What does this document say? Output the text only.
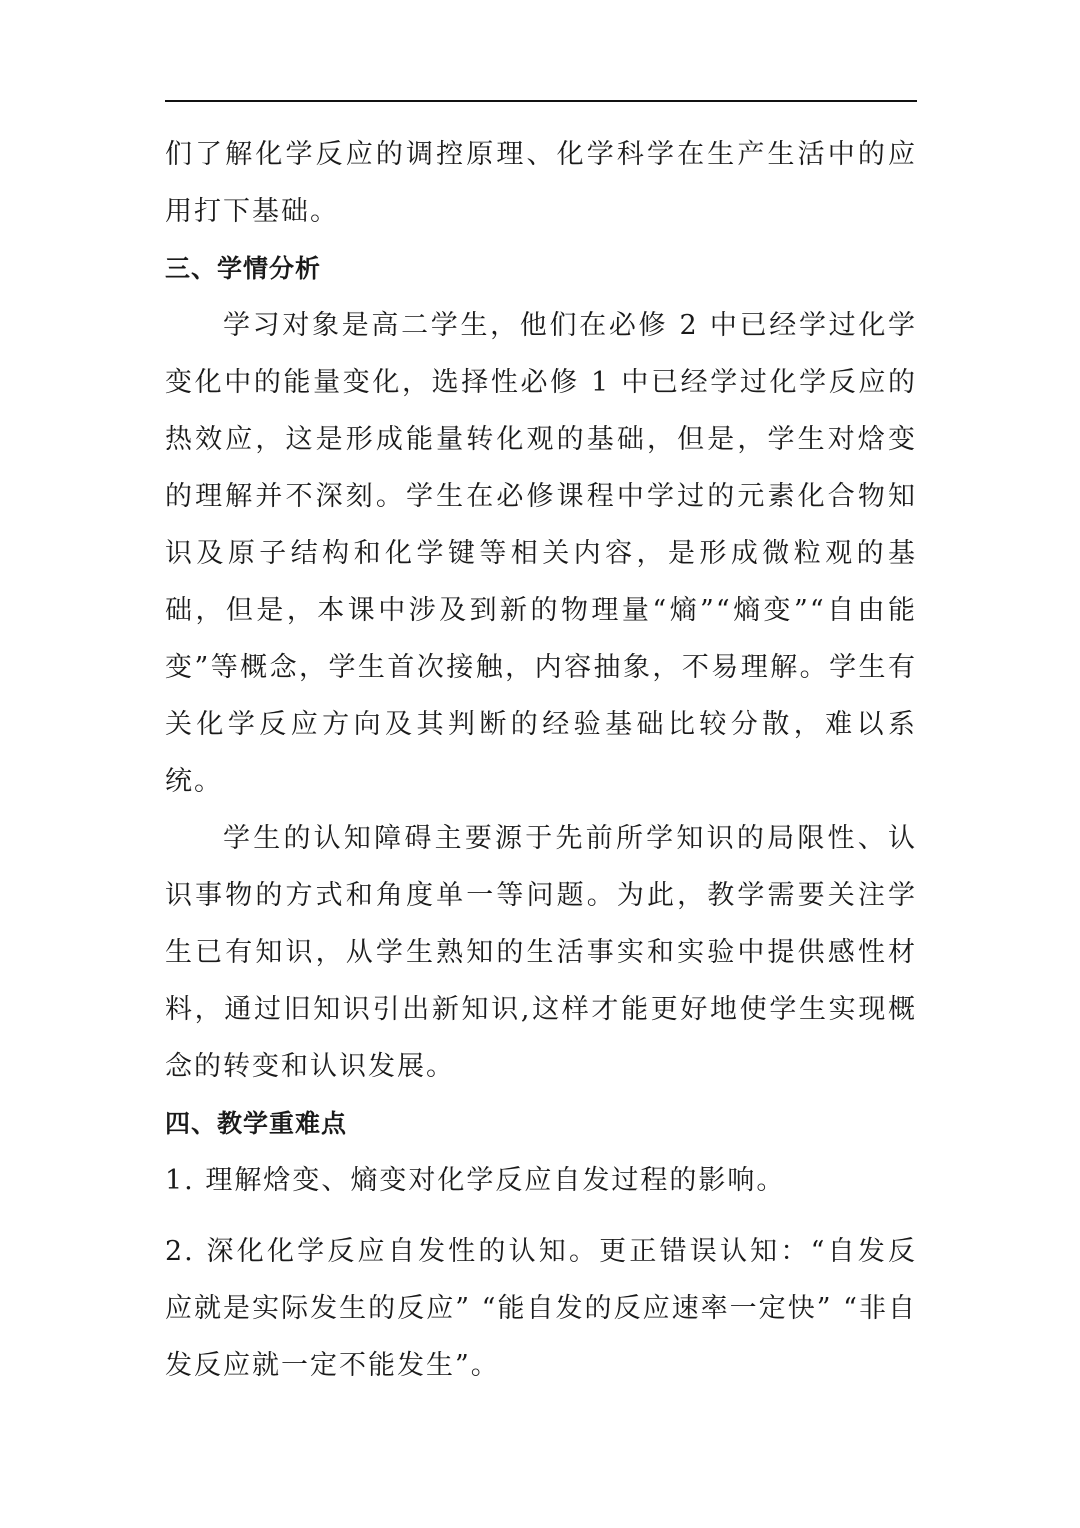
们了解化学反应的调控原理、化学科学在生产生活中的应用打下基础。

三、学情分析

学习对象是高二学生，他们在必修 2 中已经学过化学变化中的能量变化，选择性必修 1 中已经学过化学反应的热效应，这是形成能量转化观的基础，但是，学生对焓变的理解并不深刻。学生在必修课程中学过的元素化合物知识及原子结构和化学键等相关内容，是形成微粒观的基础，但是，本课中涉及到新的物理量“熵”“熵变”“自由能变”等概念，学生首次接触，内容抽象，不易理解。学生有关化学反应方向及其判断的经验基础比较分散，难以系统。

学生的认知障碍主要源于先前所学知识的局限性、认识事物的方式和角度单一等问题。为此，教学需要关注学生已有知识，从学生熟知的生活事实和实验中提供感性材料，通过旧知识引出新知识,这样才能更好地使学生实现概念的转变和认识发展。

四、教学重难点

1. 理解焓变、熵变对化学反应自发过程的影响。

2. 深化化学反应自发性的认知。更正错误认知：“自发反应就是实际发生的反应” “能自发的反应速率一定快” “非自发反应就一定不能发生”。
